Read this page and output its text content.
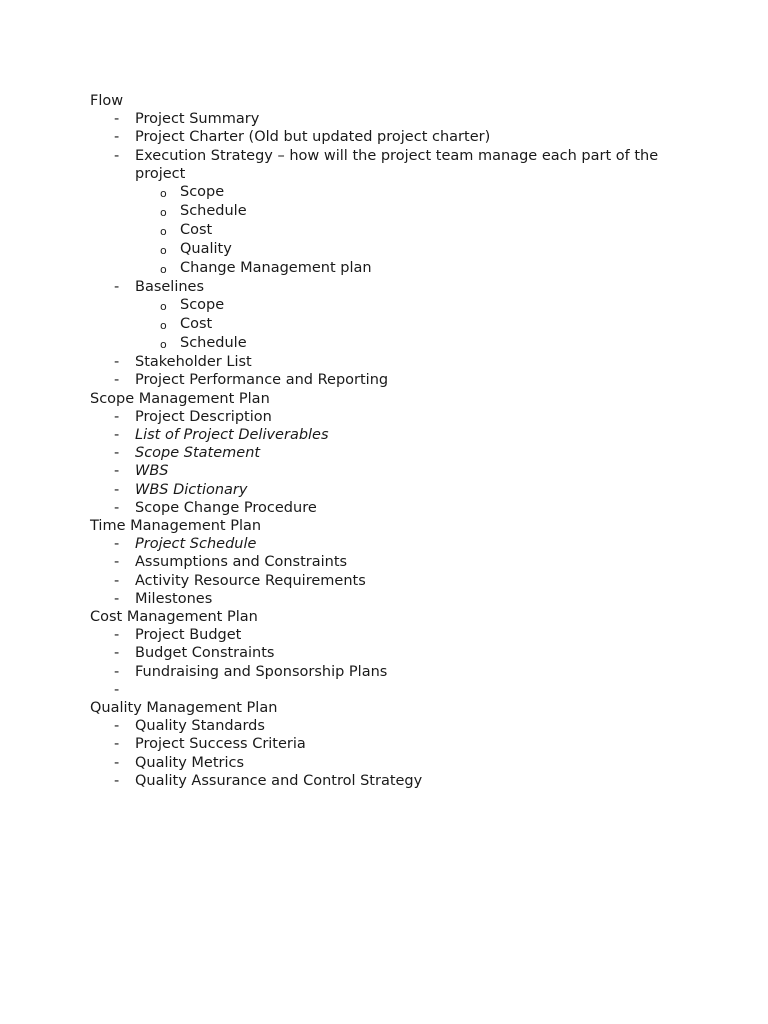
Flow
- Project Summary
- Project Charter (Old but updated project charter)
- Execution Strategy – how will the project team manage each part of the project
o Scope
o Schedule
o Cost
o Quality
o Change Management plan
- Baselines
o Scope
o Cost
o Schedule
- Stakeholder List
- Project Performance and Reporting
Scope Management Plan
- Project Description
- List of Project Deliverables
- Scope Statement
- WBS
- WBS Dictionary
- Scope Change Procedure
Time Management Plan
- Project Schedule
- Assumptions and Constraints
- Activity Resource Requirements
- Milestones
Cost Management Plan
- Project Budget
- Budget Constraints
- Fundraising and Sponsorship Plans
-

Quality Management Plan
- Quality Standards
- Project Success Criteria
- Quality Metrics
- Quality Assurance and Control Strategy
